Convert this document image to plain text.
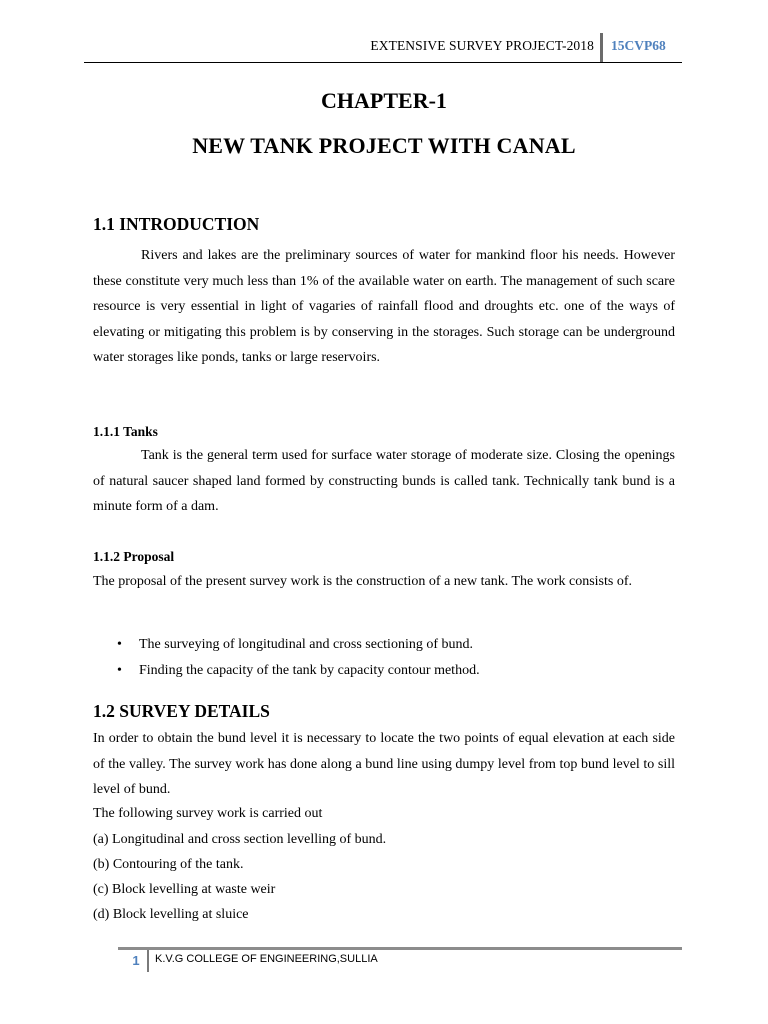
EXTENSIVE SURVEY PROJECT-2018 15CVP68
CHAPTER-1
NEW TANK PROJECT WITH CANAL
1.1 INTRODUCTION

Rivers and lakes are the preliminary sources of water for mankind floor his needs. However these constitute very much less than 1% of the available water on earth. The management of such scare resource is very essential in light of vagaries of rainfall flood and droughts etc. one of the ways of elevating or mitigating this problem is by conserving in the storages. Such storage can be underground water storages like ponds, tanks or large reservoirs.

1.1.1 Tanks

Tank is the general term used for surface water storage of moderate size. Closing the openings of natural saucer shaped land formed by constructing bunds is called tank. Technically tank bund is a minute form of a dam.

1.1.2 Proposal

The proposal of the present survey work is the construction of a new tank. The work consists of.

• The surveying of longitudinal and cross sectioning of bund.
• Finding the capacity of the tank by capacity contour method.
1.2 SURVEY DETAILS

In order to obtain the bund level it is necessary to locate the two points of equal elevation at each side of the valley. The survey work has done along a bund line using dumpy level from top bund level to sill level of bund.

The following survey work is carried out
(a) Longitudinal and cross section levelling of bund.
(b) Contouring of the tank.
(c) Block levelling at waste weir
(d) Block levelling at sluice
1	K.V.G COLLEGE OF ENGINEERING,SULLIA
